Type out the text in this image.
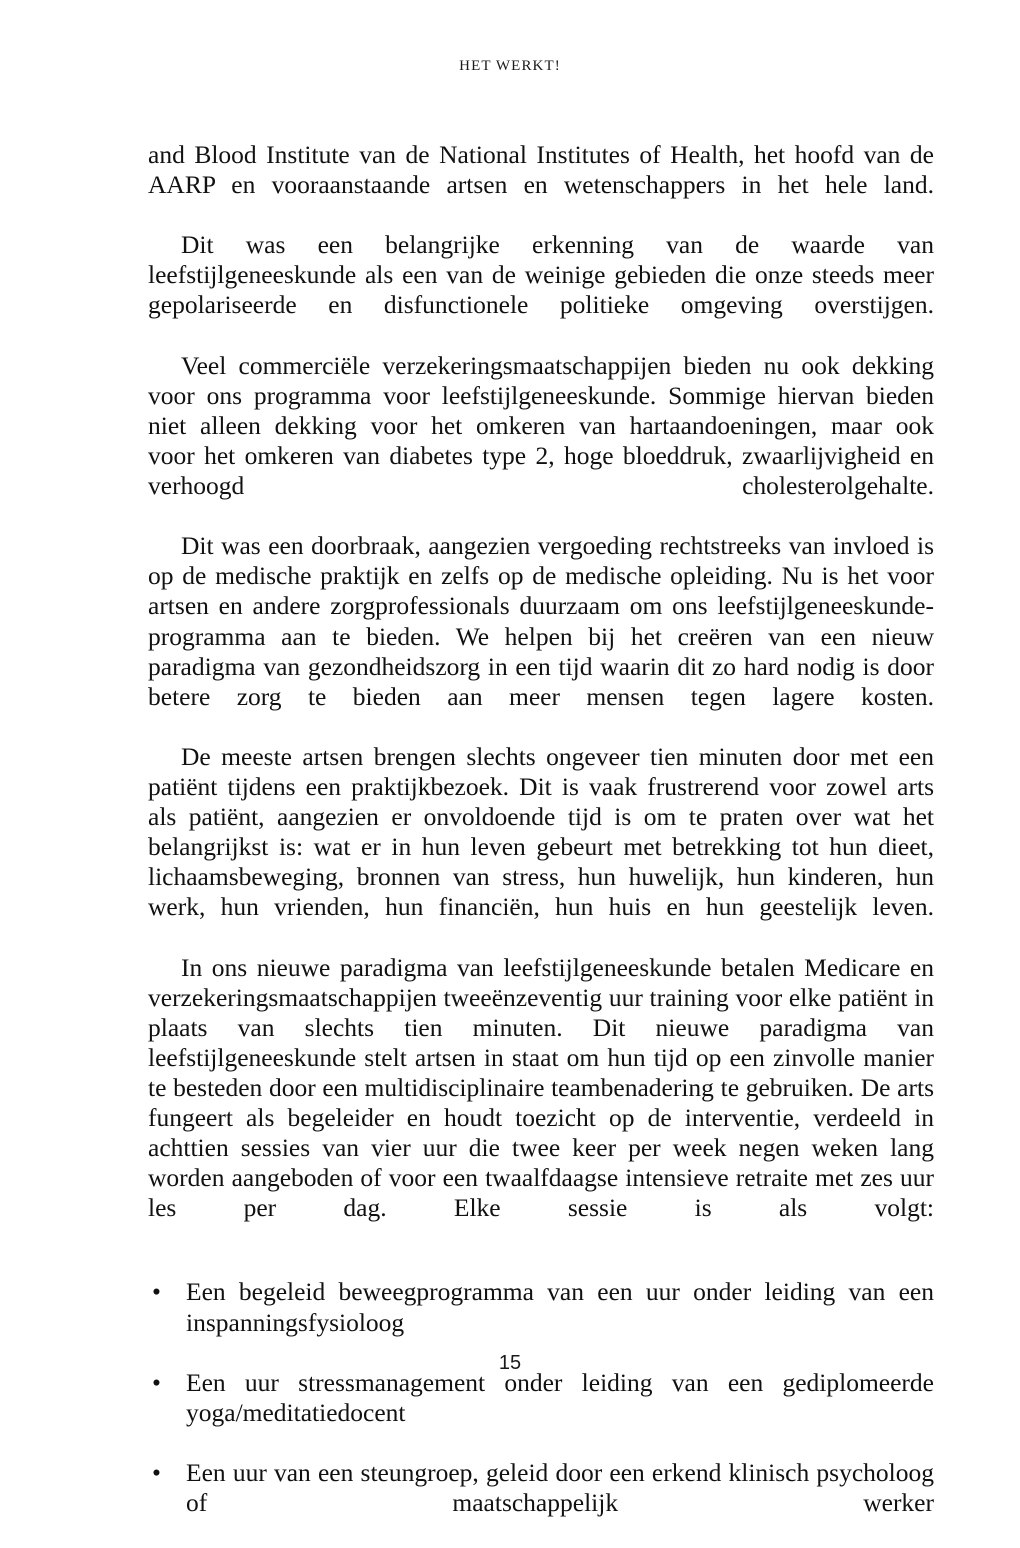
HET WERKT!

and Blood Institute van de National Institutes of Health, het hoofd van de AARP en vooraanstaande artsen en wetenschappers in het hele land.

Dit was een belangrijke erkenning van de waarde van leefstijlgeneeskunde als een van de weinige gebieden die onze steeds meer gepolariseerde en disfunctionele politieke omgeving overstijgen.

Veel commerciële verzekeringsmaatschappijen bieden nu ook dekking voor ons programma voor leefstijlgeneeskunde. Sommige hiervan bieden niet alleen dekking voor het omkeren van hartaandoeningen, maar ook voor het omkeren van diabetes type 2, hoge bloeddruk, zwaarlijvigheid en verhoogd cholesterolgehalte.

Dit was een doorbraak, aangezien vergoeding rechtstreeks van invloed is op de medische praktijk en zelfs op de medische opleiding. Nu is het voor artsen en andere zorgprofessionals duurzaam om ons leefstijlgeneeskunde-programma aan te bieden. We helpen bij het creëren van een nieuw paradigma van gezondheidszorg in een tijd waarin dit zo hard nodig is door betere zorg te bieden aan meer mensen tegen lagere kosten.

De meeste artsen brengen slechts ongeveer tien minuten door met een patiënt tijdens een praktijkbezoek. Dit is vaak frustrerend voor zowel arts als patiënt, aangezien er onvoldoende tijd is om te praten over wat het belangrijkst is: wat er in hun leven gebeurt met betrekking tot hun dieet, lichaamsbeweging, bronnen van stress, hun huwelijk, hun kinderen, hun werk, hun vrienden, hun financiën, hun huis en hun geestelijk leven.

In ons nieuwe paradigma van leefstijlgeneeskunde betalen Medicare en verzekeringsmaatschappijen tweeënzeventig uur training voor elke patiënt in plaats van slechts tien minuten. Dit nieuwe paradigma van leefstijlgeneeskunde stelt artsen in staat om hun tijd op een zinvolle manier te besteden door een multidisciplinaire teambenadering te gebruiken. De arts fungeert als begeleider en houdt toezicht op de interventie, verdeeld in achttien sessies van vier uur die twee keer per week negen weken lang worden aangeboden of voor een twaalfdaagse intensieve retraite met zes uur les per dag. Elke sessie is als volgt:

• Een begeleid beweegprogramma van een uur onder leiding van een inspanningsfysioloog
• Een uur stressmanagement onder leiding van een gediplomeerde yoga/meditatiedocent
• Een uur van een steungroep, geleid door een erkend klinisch psycholoog of maatschappelijk werker
15
